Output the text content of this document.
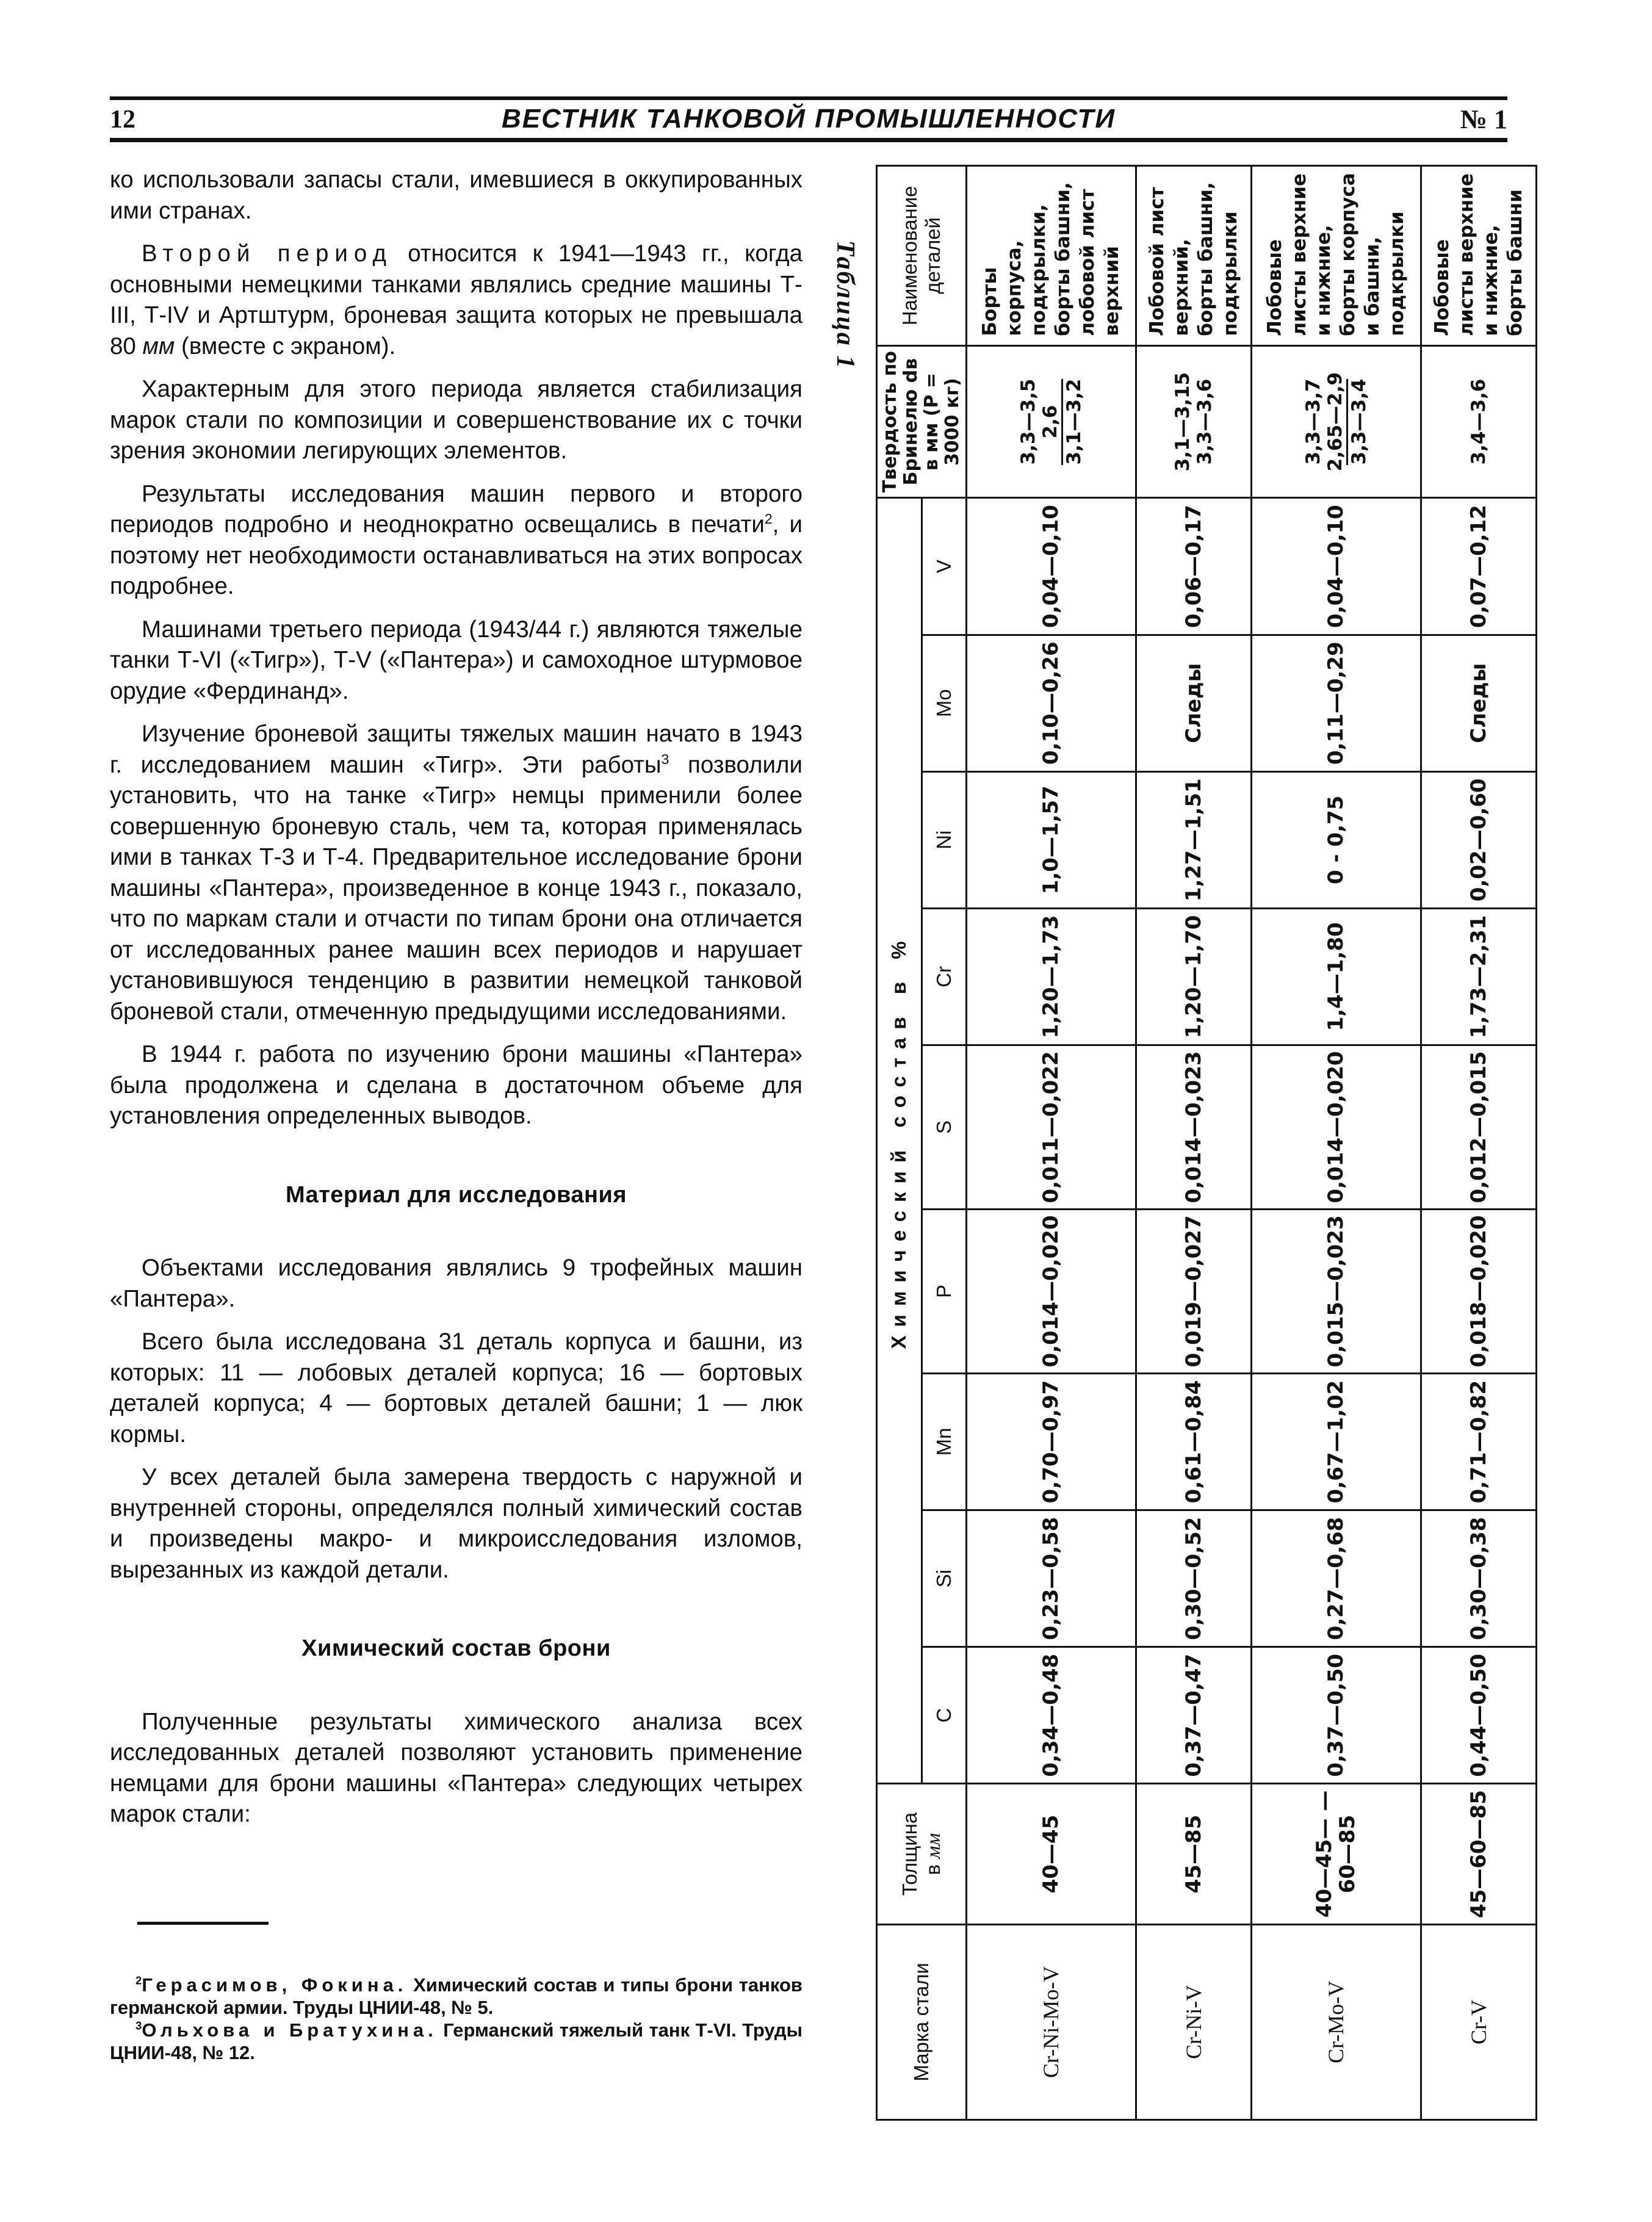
12	ВЕСТНИК ТАНКОВОЙ ПРОМЫШЛЕННОСТИ	№ 1

ко использовали запасы стали, имевшиеся в оккупированных ими странах.

Второй период относится к 1941—1943 гг., когда основными немецкими танками являлись средние машины Т-III, Т-IV и Артштурм, броневая защита которых не превышала 80 мм (вместе с экраном).

Характерным для этого периода является стабилизация марок стали по композиции и совершенствование их с точки зрения экономии легирующих элементов.

Результаты исследования машин первого и второго периодов подробно и неоднократно освещались в печати$^2$, и поэтому нет необходимости останавливаться на этих вопросах подробнее.

Машинами третьего периода (1943/44 г.) являются тяжелые танки Т-VI («Тигр»), Т-V («Пантера») и самоходное штурмовое орудие «Фердинанд».

Изучение броневой защиты тяжелых машин начато в 1943 г. исследованием машин «Тигр». Эти работы$^3$ позволили установить, что на танке «Тигр» немцы применили более совершенную броневую сталь, чем та, которая применялась ими в танках Т-3 и Т-4. Предварительное исследование брони машины «Пантера», произведенное в конце 1943 г., показало, что по маркам стали и отчасти по типам брони она отличается от исследованных ранее машин всех периодов и нарушает установившуюся тенденцию в развитии немецкой танковой броневой стали, отмеченную предыдущими исследованиями.

В 1944 г. работа по изучению брони машины «Пантера» была продолжена и сделана в достаточном объеме для установления определенных выводов.

Материал для исследования

Объектами исследования являлись 9 трофейных машин «Пантера».

Всего была исследована 31 деталь корпуса и башни, из которых: 11 — лобовых деталей корпуса; 16 — бортовых деталей корпуса; 4 — бортовых деталей башни; 1 — люк кормы.

У всех деталей была замерена твердость с наружной и внутренней стороны, определялся полный химический состав и произведены макро- и микроисследования изломов, вырезанных из каждой детали.

Химический состав брони

Полученные результаты химического анализа всех исследованных деталей позволяют установить применение немцами для брони машины «Пантера» следующих четырех марок стали:

$^2$Герасимов, Фокина. Химический состав и типы брони танков германской армии. Труды ЦНИИ-48, № 5.

$^3$Ольхова и Братухина. Германский тяжелый танк Т-VI. Труды ЦНИИ-48, № 12.

Таблица 1
Марка стали	Толщина
в мм	Химический состав в %									Твердость по Бринелю dв в мм (P = 3000 кг)	Наименование деталей
		C	Si	Mn	P	S	Cr	Ni	Mo	V		
Cr-Ni-Mo-V	40—45	0,34—0,48	0,23—0,58	0,70—0,97	0,014—0,020	0,011—0,022	1,20—1,73	1,0—1,57	0,10—0,26	0,04—0,10	3,3—3,5
2,6
3,1—3,2	Борты корпуса, подкрылки, борты башни, лобовой лист верхний
Cr-Ni-V	45—85	0,37—0,47	0,30—0,52	0,61—0,84	0,019—0,027	0,014—0,023	1,20—1,70	1,27—1,51	Следы	0,06—0,17	3,1—3,15
3,3—3,6	Лобовой лист верхний, борты башни, подкрылки
Cr-Mo-V	40—45— —60—85	0,37—0,50	0,27—0,68	0,67—1,02	0,015—0,023	0,014—0,020	1,4—1,80	0 - 0,75	0,11—0,29	0,04—0,10	3,3—3,7
2,65—2,9
3,3—3,4	Лобовые листы верхние и нижние, борты корпуса и башни, подкрылки
Cr-V	45—60—85	0,44—0,50	0,30—0,38	0,71—0,82	0,018—0,020	0,012—0,015	1,73—2,31	0,02—0,60	Следы	0,07—0,12	3,4—3,6	Лобовые листы верхние и нижние, борты башни
